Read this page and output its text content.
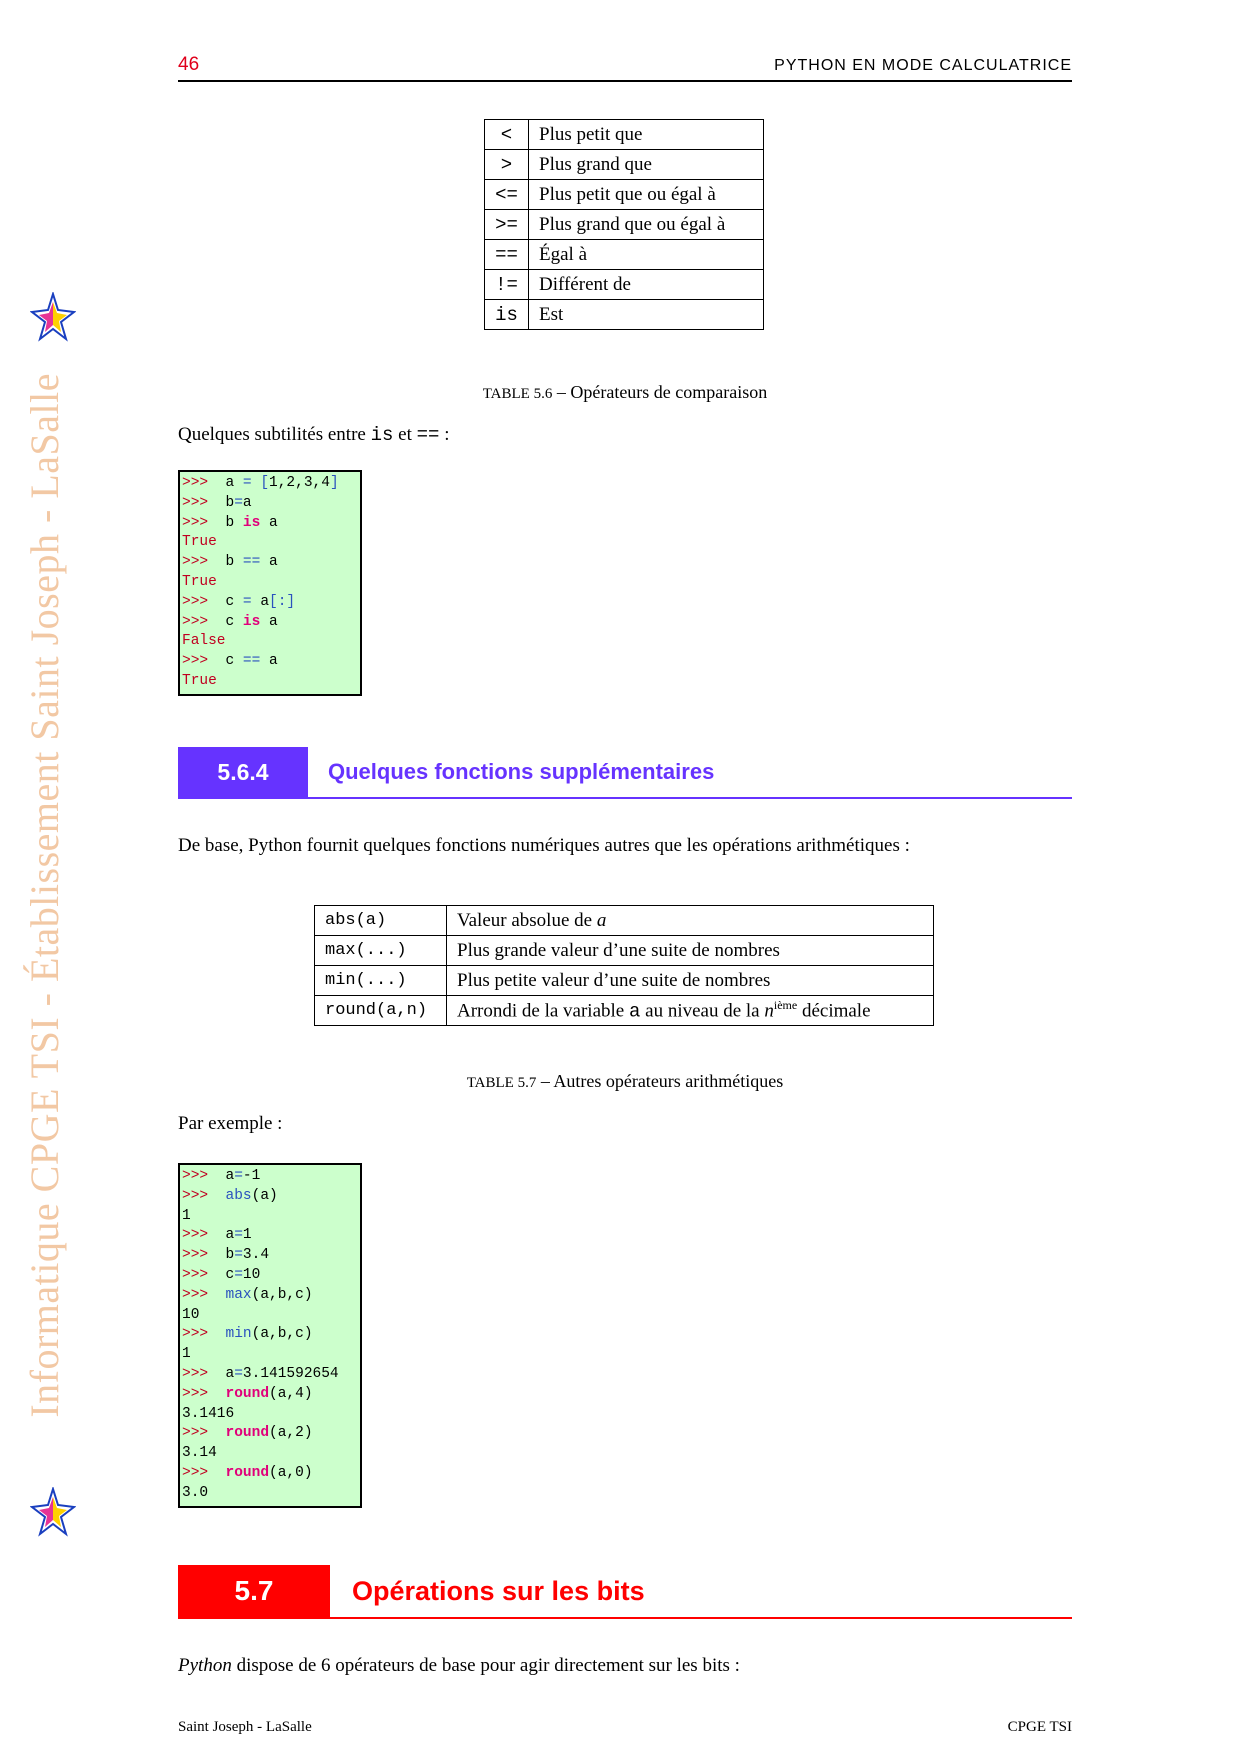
46	PYTHON EN MODE CALCULATRICE
Informatique CPGE TSI - Établissement Saint Joseph - LaSalle
<	Plus petit que
>	Plus grand que
<=	Plus petit que ou égal à
>=	Plus grand que ou égal à
==	Égal à
!=	Différent de
is	Est
TABLE 5.6 – Opérateurs de comparaison
Quelques subtilités entre is et == :
>>>  a = [1,2,3,4]
>>>  b=a
>>>  b is a
True
>>>  b == a
True
>>>  c = a[:]
>>>  c is a
False
>>>  c == a
True
5.6.4	Quelques fonctions supplémentaires
De base, Python fournit quelques fonctions numériques autres que les opérations arithmétiques :
abs(a)	Valeur absolue de a
max(...)	Plus grande valeur d’une suite de nombres
min(...)	Plus petite valeur d’une suite de nombres
round(a,n)	Arrondi de la variable a au niveau de la $n^{ième}$ décimale
TABLE 5.7 – Autres opérateurs arithmétiques
Par exemple :
>>>  a=-1
>>> abs(a)
1
>>>  a=1
>>>  b=3.4
>>>  c=10
>>> max(a,b,c)
10
>>> min(a,b,c)
1
>>>  a=3.141592654
>>> round(a,4)
3.1416
>>> round(a,2)
3.14
>>> round(a,0)
3.0
5.7	Opérations sur les bits
Python dispose de 6 opérateurs de base pour agir directement sur les bits :
Saint Joseph - LaSalle	CPGE TSI
